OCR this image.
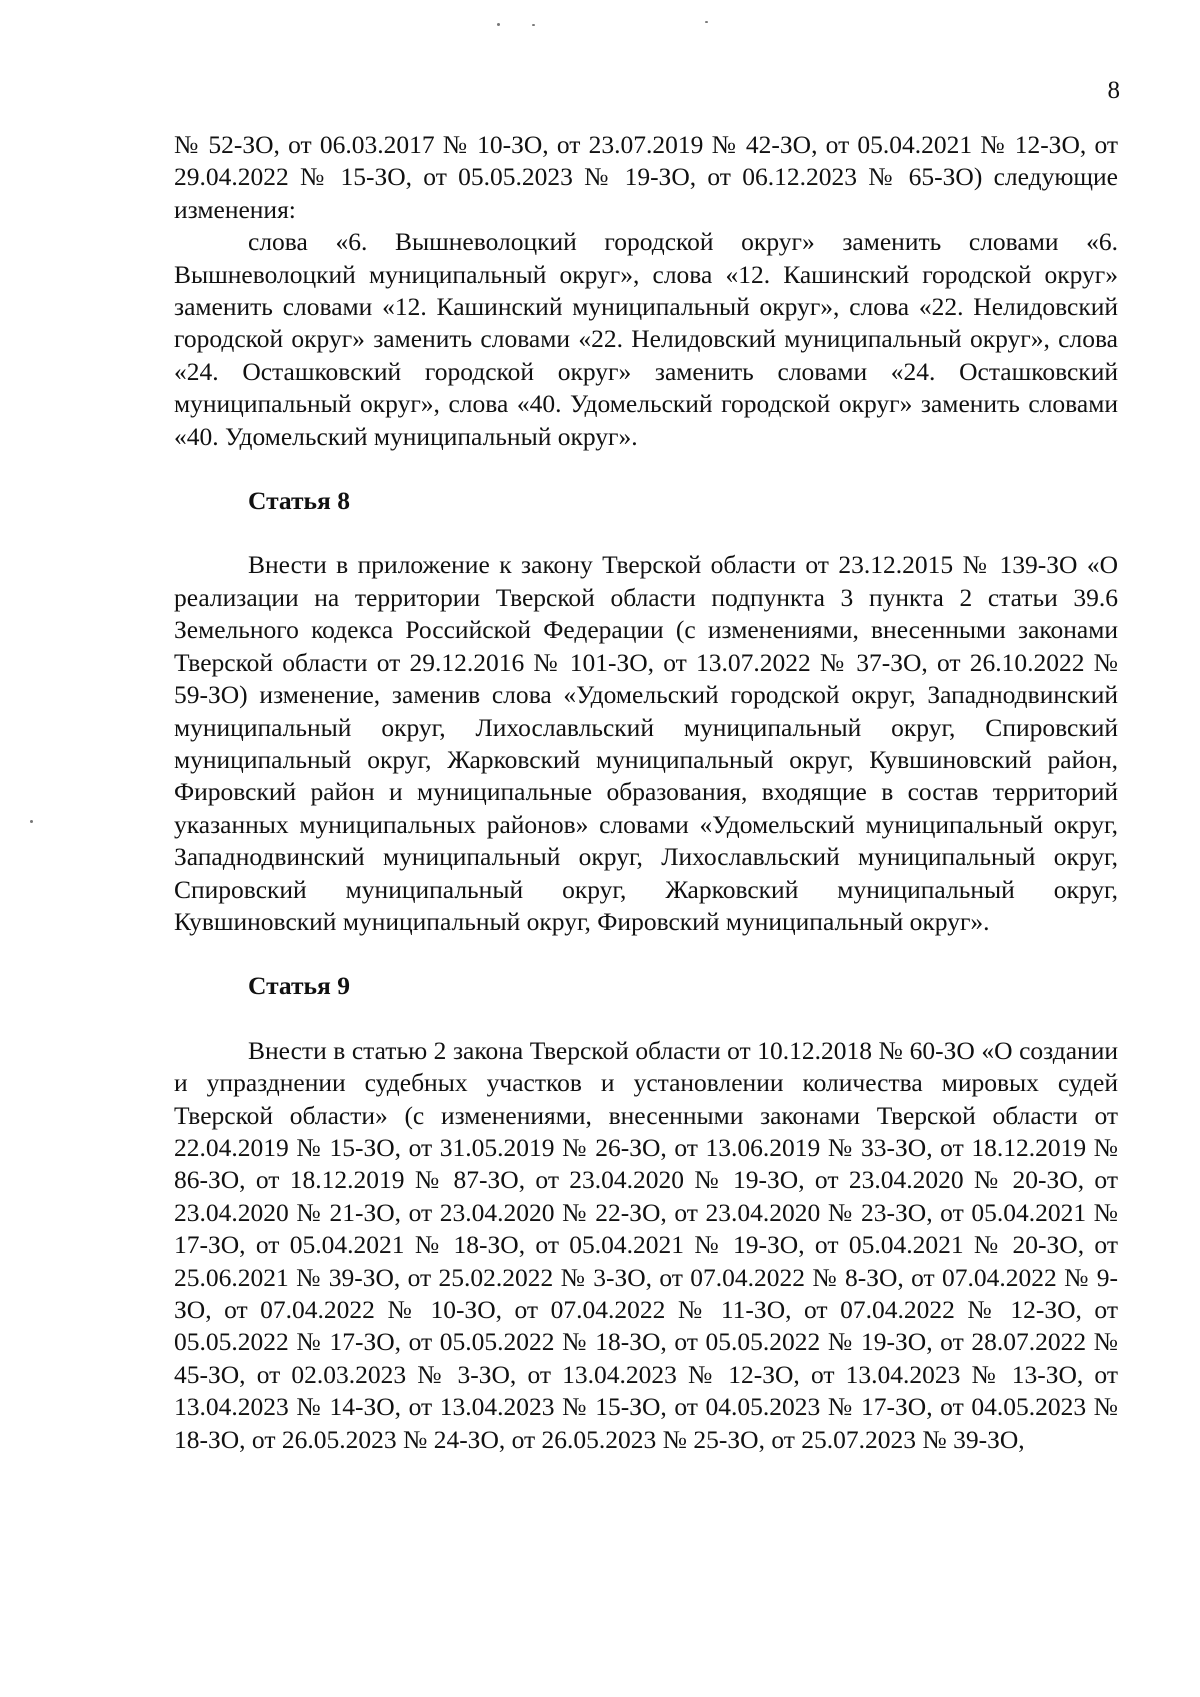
8

№ 52-ЗО, от 06.03.2017 № 10-ЗО, от 23.07.2019 № 42-ЗО, от 05.04.2021 № 12-ЗО, от 29.04.2022 № 15-ЗО, от 05.05.2023 № 19-ЗО, от 06.12.2023 № 65-ЗО) следующие изменения:

слова «6. Вышневолоцкий городской округ» заменить словами «6. Вышневолоцкий муниципальный округ», слова «12. Кашинский городской округ» заменить словами «12. Кашинский муниципальный округ», слова «22. Нелидовский городской округ» заменить словами «22. Нелидовский муниципальный округ», слова «24. Осташковский городской округ» заменить словами «24. Осташковский муниципальный округ», слова «40. Удомельский городской округ» заменить словами «40. Удомельский муниципальный округ».

Статья 8

Внести в приложение к закону Тверской области от 23.12.2015 № 139-ЗО «О реализации на территории Тверской области подпункта 3 пункта 2 статьи 39.6 Земельного кодекса Российской Федерации (с изменениями, внесенными законами Тверской области от 29.12.2016 № 101-ЗО, от 13.07.2022 № 37-ЗО, от 26.10.2022 № 59-ЗО) изменение, заменив слова «Удомельский городской округ, Западнодвинский муниципальный округ, Лихославльский муниципальный округ, Спировский муниципальный округ, Жарковский муниципальный округ, Кувшиновский район, Фировский район и муниципальные образования, входящие в состав территорий указанных муниципальных районов» словами «Удомельский муниципальный округ, Западнодвинский муниципальный округ, Лихославльский муниципальный округ, Спировский муниципальный округ, Жарковский муниципальный округ, Кувшиновский муниципальный округ, Фировский муниципальный округ».

Статья 9

Внести в статью 2 закона Тверской области от 10.12.2018 № 60-ЗО «О создании и упразднении судебных участков и установлении количества мировых судей Тверской области» (с изменениями, внесенными законами Тверской области от 22.04.2019 № 15-ЗО, от 31.05.2019 № 26-ЗО, от 13.06.2019 № 33-ЗО, от 18.12.2019 № 86-ЗО, от 18.12.2019 № 87-ЗО, от 23.04.2020 № 19-ЗО, от 23.04.2020 № 20-ЗО, от 23.04.2020 № 21-ЗО, от 23.04.2020 № 22-ЗО, от 23.04.2020 № 23-ЗО, от 05.04.2021 № 17-ЗО, от 05.04.2021 № 18-ЗО, от 05.04.2021 № 19-ЗО, от 05.04.2021 № 20-ЗО, от 25.06.2021 № 39-ЗО, от 25.02.2022 № 3-ЗО, от 07.04.2022 № 8-ЗО, от 07.04.2022 № 9-ЗО, от 07.04.2022 № 10-ЗО, от 07.04.2022 № 11-ЗО, от 07.04.2022 № 12-ЗО, от 05.05.2022 № 17-ЗО, от 05.05.2022 № 18-ЗО, от 05.05.2022 № 19-ЗО, от 28.07.2022 № 45-ЗО, от 02.03.2023 № 3-ЗО, от 13.04.2023 № 12-ЗО, от 13.04.2023 № 13-ЗО, от 13.04.2023 № 14-ЗО, от 13.04.2023 № 15-ЗО, от 04.05.2023 № 17-ЗО, от 04.05.2023 № 18-ЗО, от 26.05.2023 № 24-ЗО, от 26.05.2023 № 25-ЗО, от 25.07.2023 № 39-ЗО,
